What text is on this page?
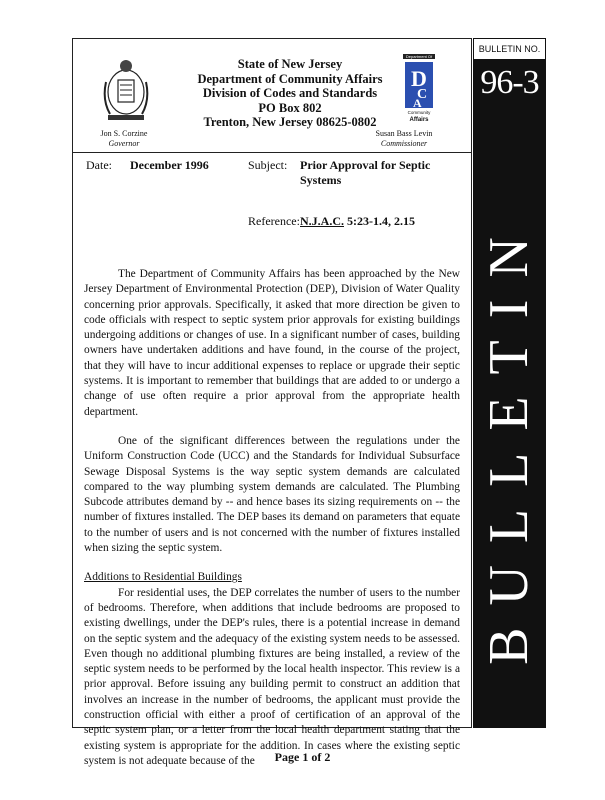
BULLETIN NO.
96-3
BULLETIN
Department Of
D
C
A
Community
Affairs
State of New Jersey
Department of Community Affairs
Division of Codes and Standards
PO Box 802
Trenton, New Jersey 08625-0802
Jon S. Corzine
Governor
Susan Bass Levin
Commissioner
Date: December 1996	Subject: Prior Approval for Septic
Systems
Reference: N.J.A.C. 5:23-1.4, 2.15

The Department of Community Affairs has been approached by the New Jersey Department of Environmental Protection (DEP), Division of Water Quality concerning prior approvals. Specifically, it asked that more direction be given to code officials with respect to septic system prior approvals for existing buildings undergoing additions or changes of use. In a significant number of cases, building owners have undertaken additions and have found, in the course of the project, that they will have to incur additional expenses to replace or upgrade their septic systems. It is important to remember that buildings that are added to or undergo a change of use often require a prior approval from the appropriate health department.

One of the significant differences between the regulations under the Uniform Construction Code (UCC) and the Standards for Individual Subsurface Sewage Disposal Systems is the way septic system demands are calculated compared to the way plumbing system demands are calculated. The Plumbing Subcode attributes demand by -- and hence bases its sizing requirements on -- the number of fixtures installed. The DEP bases its demand on parameters that equate to the number of users and is not concerned with the number of fixtures installed when sizing the septic system.

Additions to Residential Buildings

For residential uses, the DEP correlates the number of users to the number of bedrooms. Therefore, when additions that include bedrooms are proposed to existing dwellings, under the DEP's rules, there is a potential increase in demand on the septic system and the adequacy of the existing system needs to be assessed. Even though no additional plumbing fixtures are being installed, a review of the septic system needs to be performed by the local health inspector. This review is a prior approval. Before issuing any building permit to construct an addition that involves an increase in the number of bedrooms, the applicant must provide the construction official with either a proof of certification of an approval of the septic system plan, or a letter from the local health department stating that the existing system is appropriate for the addition. In cases where the existing septic system is not adequate because of the	Page 1 of 2
